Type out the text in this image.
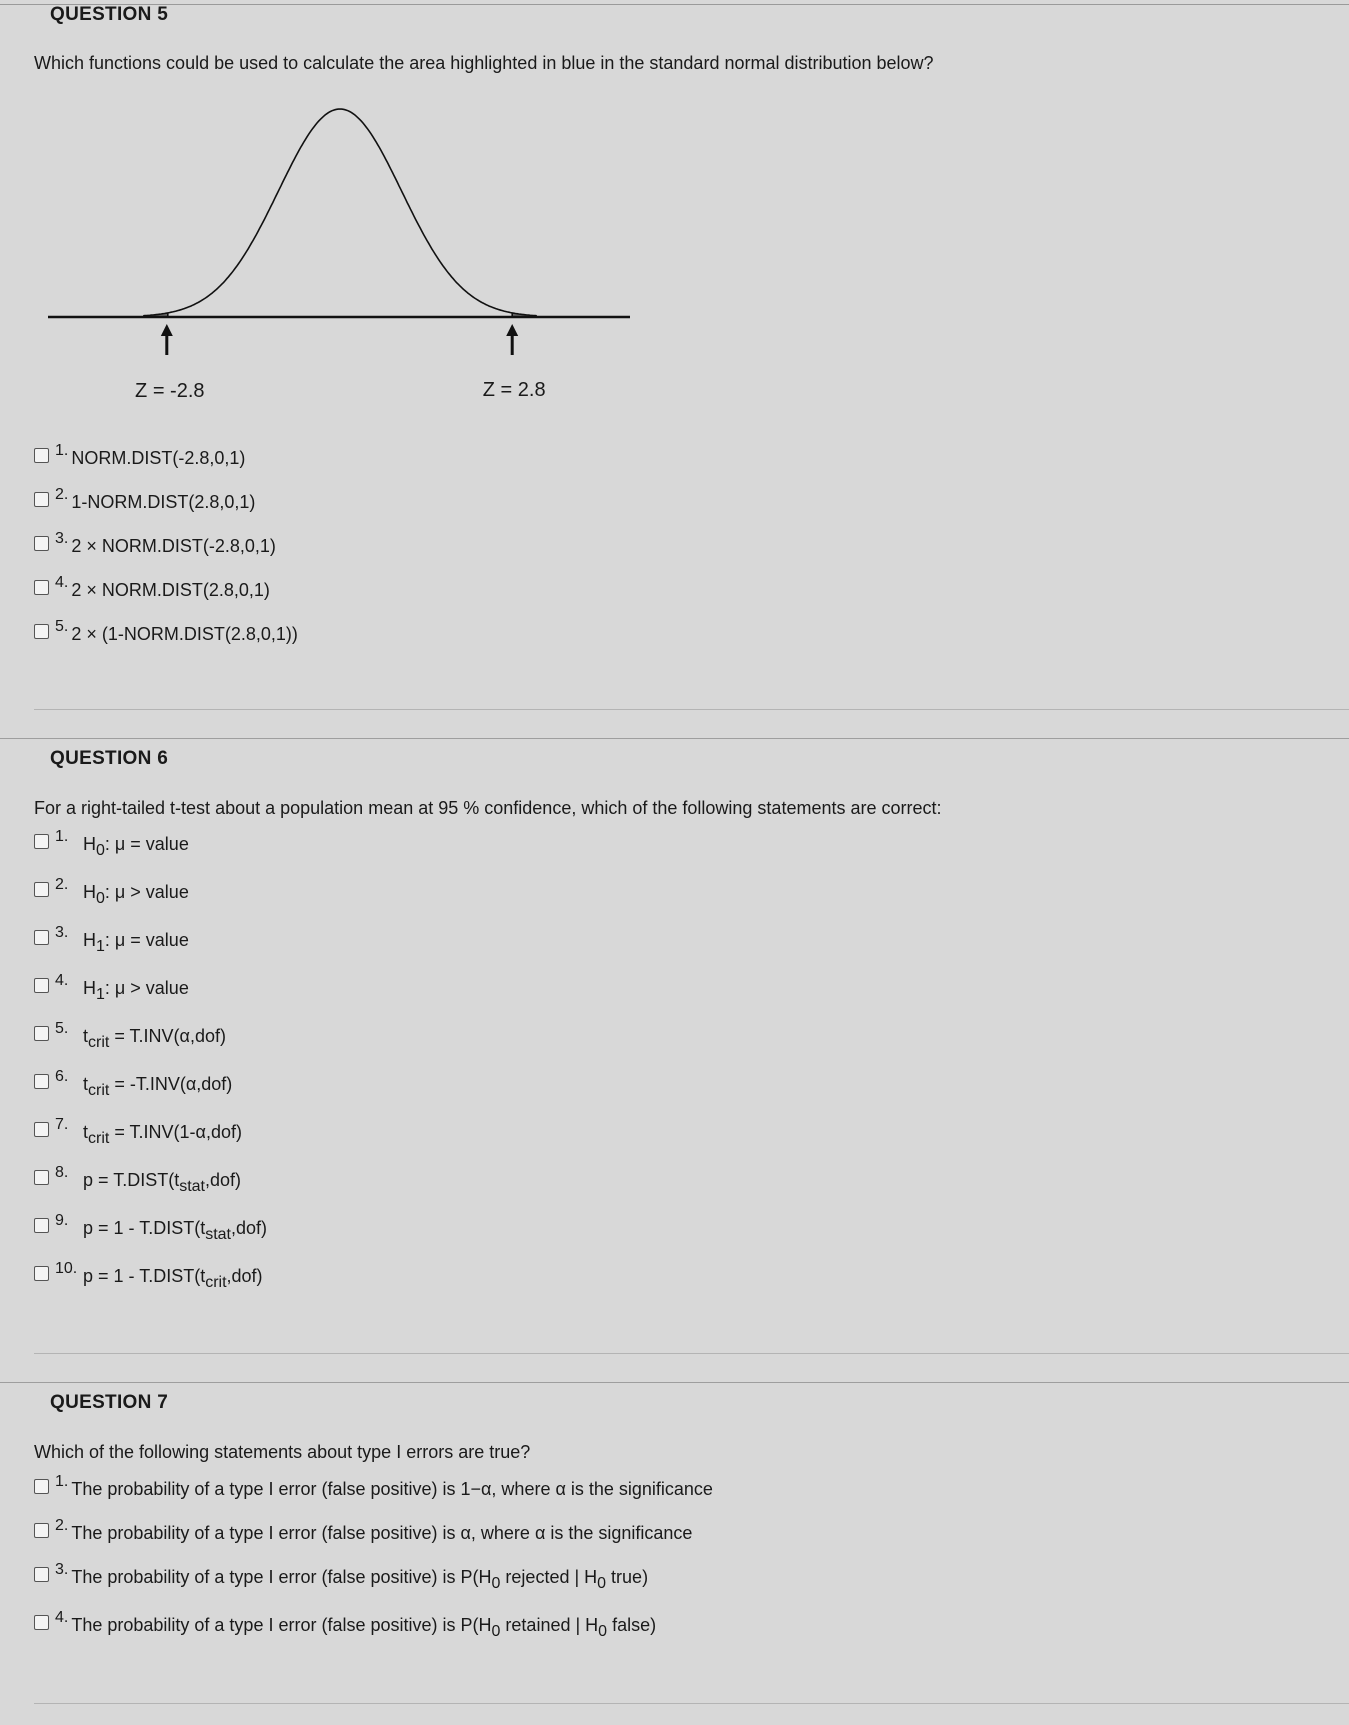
QUESTION 5
Which functions could be used to calculate the area highlighted in blue in the standard normal distribution below?
Z = -2.8	Z = 2.8
1. NORM.DIST(-2.8,0,1)
2. 1-NORM.DIST(2.8,0,1)
3. 2 × NORM.DIST(-2.8,0,1)
4. 2 × NORM.DIST(2.8,0,1)
5. 2 × (1-NORM.DIST(2.8,0,1))
QUESTION 6
For a right-tailed t-test about a population mean at 95 % confidence, which of the following statements are correct:
1. $H_0$: μ = value
2. $H_0$: μ > value
3. $H_1$: μ = value
4. $H_1$: μ > value
5. $t_{crit} = T.INV(\alpha,dof)$
6. $t_{crit} = -T.INV(\alpha,dof)$
7. $t_{crit} = T.INV(1-\alpha,dof)$
8. $p = T.DIST(t_{stat},dof)$
9. $p = 1 - T.DIST(t_{stat},dof)$
10. $p = 1 - T.DIST(t_{crit},dof)$
QUESTION 7
Which of the following statements about type I errors are true?
1. The probability of a type I error (false positive) is 1−α, where α is the significance
2. The probability of a type I error (false positive) is α, where α is the significance
3. The probability of a type I error (false positive) is $P(H_0$ rejected | $H_0$ true)
4. The probability of a type I error (false positive) is $P(H_0$ retained | $H_0$ false)
